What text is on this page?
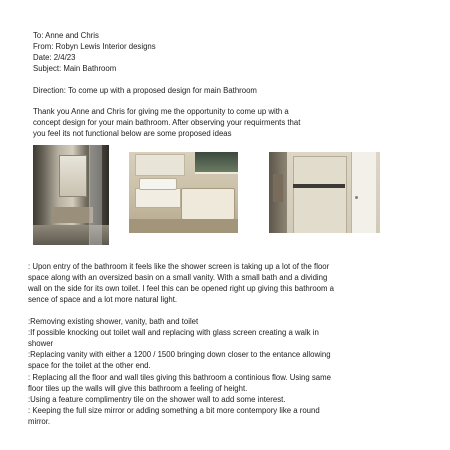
To: Anne and Chris
From: Robyn Lewis Interior designs
Date: 2/4/23
Subject: Main Bathroom
Direction: To come up with a proposed design for main Bathroom
Thank you Anne and Chris for giving me the opportunity to come up with a
concept design for your main bathroom. After observing your requirments that
you feel its not functional below are some proposed ideas
: Upon entry of the bathroom it feels like the shower screen is taking up a lot of the floor
space along with an oversized basin on a small vanity. With a small bath and a dividing
wall on the side for its own toilet. I feel this can be opened right up giving this bathroom a
sence of space and a lot more natural light.
:Removing existing shower, vanity, bath and toilet
:If possible knocking out toilet wall and replacing with glass screen creating a walk in
shower
:Replacing vanity with either a 1200 / 1500 bringing down closer to the entance allowing
space for the toilet at the other end.
: Replacing all the floor and wall tiles giving this bathroom a continious flow. Using same
floor tiles up the walls will give this bathroom a feeling of height.
:Using a feature complimentry tile on the shower wall to add some interest.
: Keeping the full size mirror or adding something a bit more contempory like a round
mirror.
